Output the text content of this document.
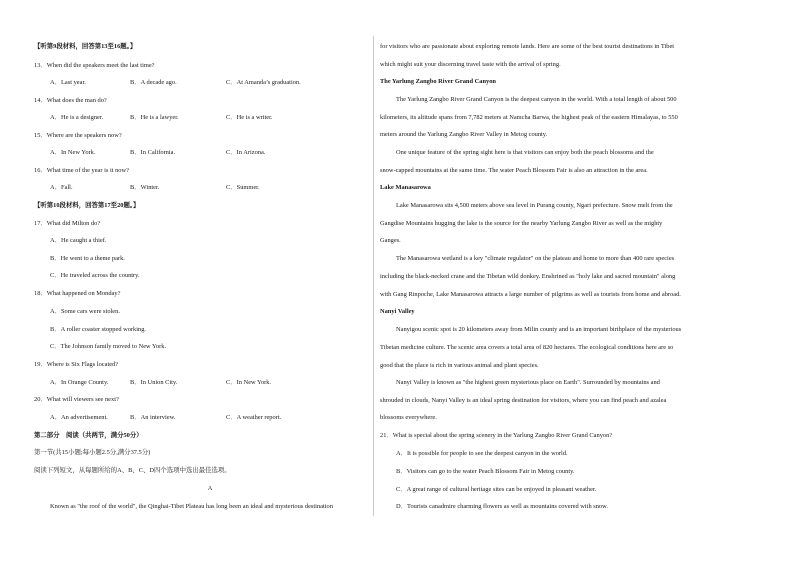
【听第9段材料，回答第13至16题。】
13．When did the speakers meet the last time?
A．Last year.	B．A decade ago.	C．At Amanda’s graduation.
14．What does the man do?
A．He is a designer.	B．He is a lawyer.	C．He is a writer.
15．Where are the speakers now?
A．In New York.	B．In California.	C．In Arizona.
16．What time of the year is it now?
A．Fall.	B．Winter.	C．Summer.
【听第10段材料，回答第17至20题。】
17．What did Milton do?
A．He caught a thief.
B．He went to a theme park.
C．He traveled across the country.
18．What happened on Monday?
A．Some cars were stolen.
B．A roller coaster stopped working.
C．The Johnson family moved to New York.
19．Where is Six Flags located?
A．In Orange County.	B．In Union City.	C．In New York.
20．What will viewers see next?
A．An advertisement.	B．An interview.	C．A weather report.
第二部分　阅读（共两节，满分50分）
第一节(共15小题;每小题2.5分,满分37.5分)
阅读下列短文，从每题所给的A、B、C、D四个选项中选出最佳选项。
A
Known as "the roof of the world", the Qinghai-Tibet Plateau has long been an ideal and mysterious destination
for visitors who are passionate about exploring remote lands. Here are some of the best tourist destinations in Tibet
which might suit your discerning travel taste with the arrival of spring.
The Yarlung Zangbo River Grand Canyon
The Yarlung Zangbo River Grand Canyon is the deepest canyon in the world. With a total length of about 500
kilometers, its altitude spans from 7,782 meters at Namcha Barwa, the highest peak of the eastern Himalayas, to 550
meters around the Yarlung Zangbo River Valley in Metog county.
One unique feature of the spring sight here is that visitors can enjoy both the peach blossoms and the
snow-capped mountains at the same time. The water Peach Blossom Fair is also an attraction in the area.
Lake Manasarowa
Lake Manasarowa sits 4,500 meters above sea level in Purang county, Ngari prefecture. Snow melt from the
Gangdise Mountains hugging the lake is the source for the nearby Yarlung Zangbo River as well as the mighty
Ganges.
The Manasarowa wetland is a key "climate regulator" on the plateau and home to more than 400 rare species
including the black-necked crane and the Tibetan wild donkey. Enshrined as "holy lake and sacred mountain" along
with Gang Rinpoche, Lake Manasarowa attracts a large number of pilgrims as well as tourists from home and abroad.
Nanyi Valley
Nanyigou scenic spot is 20 kilometers away from Milin county and is an important birthplace of the mysterious
Tibetan medicine culture. The scenic area covers a total area of 820 hectares. The ecological conditions here are so
good that the place is rich in various animal and plant species.
Nanyi Valley is known as "the highest green mysterious place on Earth". Surrounded by mountains and
shrouded in clouds, Nanyi Valley is an ideal spring destination for visitors, where you can find peach and azalea
blossoms everywhere.
21．What is special about the spring scenery in the Yarlung Zangbo River Grand Canyon?
A．It is possible for people to see the deepest canyon in the world.
B．Visitors can go to the water Peach Blossom Fair in Metog county.
C．A great range of cultural heritage sites can be enjoyed in pleasant weather.
D．Tourists canadmire charming flowers as well as mountains covered with snow.
